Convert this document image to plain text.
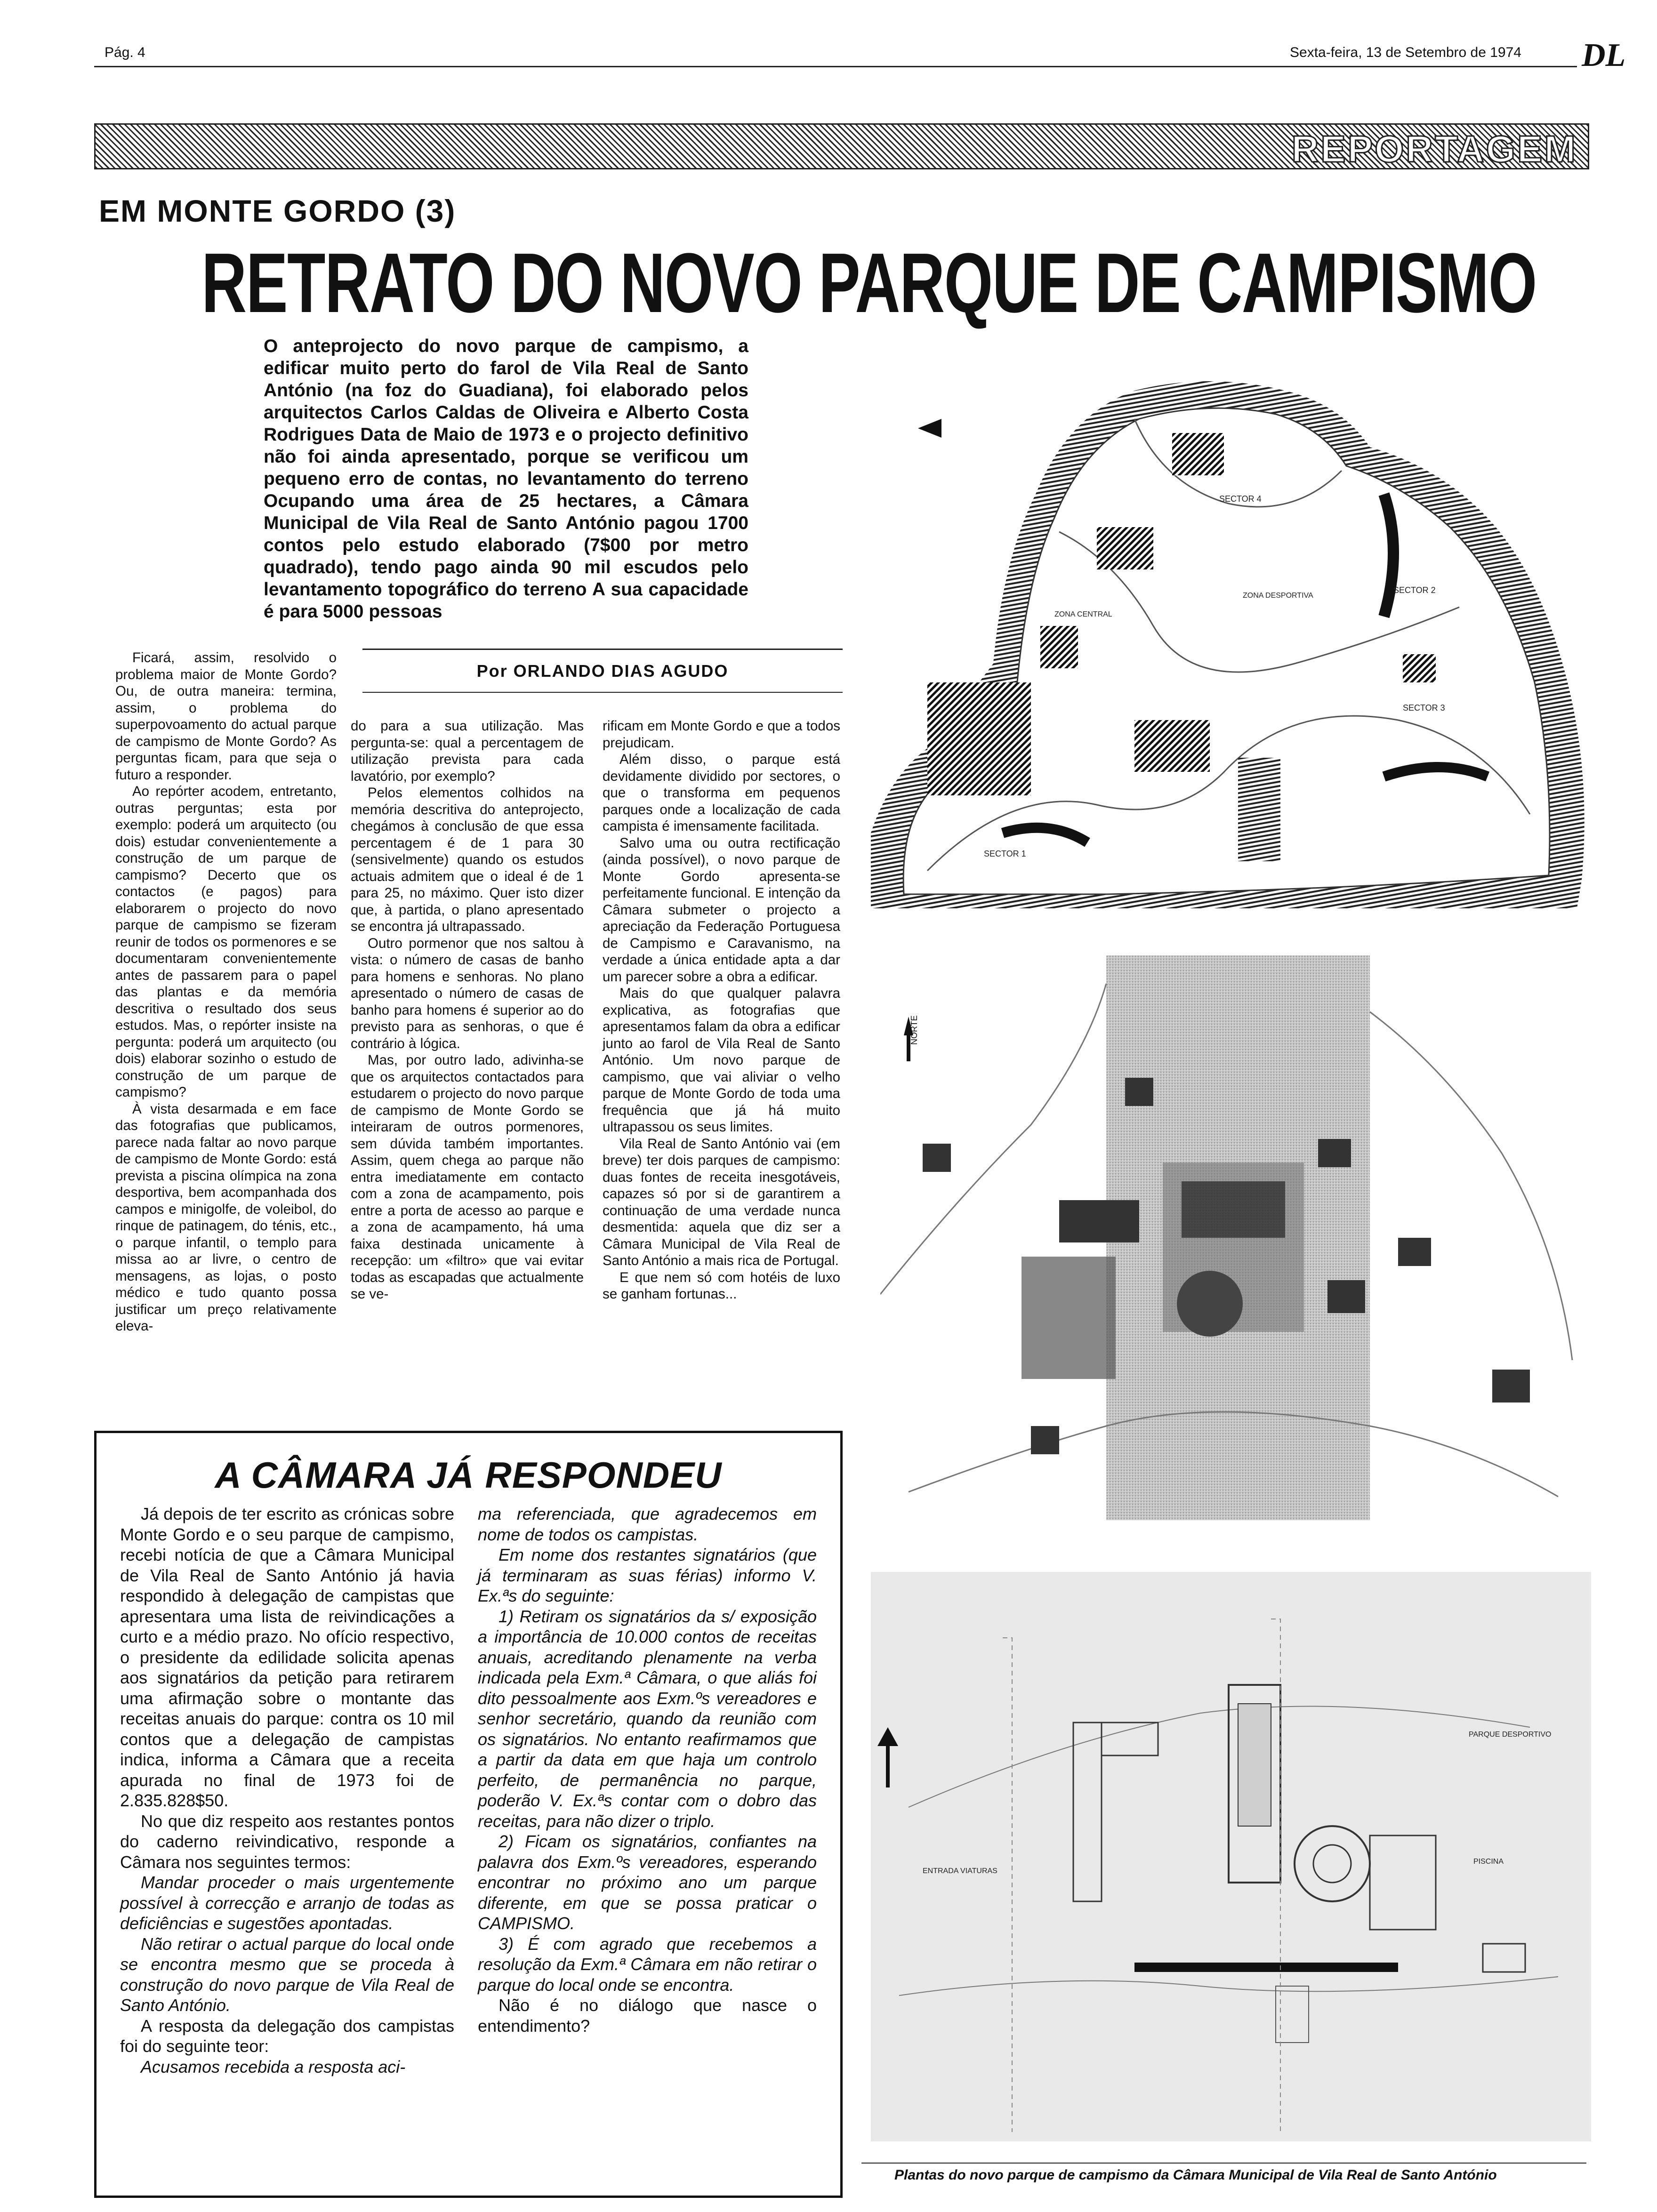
Pág. 4	Sexta-feira, 13 de Setembro de 1974 DL
REPORTAGEM
EM MONTE GORDO (3)
RETRATO DO NOVO PARQUE DE CAMPISMO
O anteprojecto do novo parque de campismo, a edificar muito perto do farol de Vila Real de Santo António (na foz do Guadiana), foi elaborado pelos arquitectos Carlos Caldas de Oliveira e Alberto Costa Rodrigues Data de Maio de 1973 e o projecto definitivo não foi ainda apresentado, porque se verificou um pequeno erro de contas, no levantamento do terreno Ocupando uma área de 25 hectares, a Câmara Municipal de Vila Real de Santo António pagou 1700 contos pelo estudo elaborado (7$00 por metro quadrado), tendo pago ainda 90 mil escudos pelo levantamento topográfico do terreno A sua capacidade é para 5000 pessoas
Por ORLANDO DIAS AGUDO

Ficará, assim, resolvido o problema maior de Monte Gordo? Ou, de outra maneira: termina, assim, o problema do superpovoamento do actual parque de campismo de Monte Gordo? As perguntas ficam, para que seja o futuro a responder.

Ao repórter acodem, entretanto, outras perguntas; esta por exemplo: poderá um arquitecto (ou dois) estudar convenientemente a construção de um parque de campismo? Decerto que os contactos (e pagos) para elaborarem o projecto do novo parque de campismo se fizeram reunir de todos os pormenores e se documentaram convenientemente antes de passarem para o papel das plantas e da memória descritiva o resultado dos seus estudos. Mas, o repórter insiste na pergunta: poderá um arquitecto (ou dois) elaborar sozinho o estudo de construção de um parque de campismo?

À vista desarmada e em face das fotografias que publicamos, parece nada faltar ao novo parque de campismo de Monte Gordo: está prevista a piscina olímpica na zona desportiva, bem acompanhada dos campos e minigolfe, de voleibol, do rinque de patinagem, do ténis, etc., o parque infantil, o templo para missa ao ar livre, o centro de mensagens, as lojas, o posto médico e tudo quanto possa justificar um preço relativamente eleva-

do para a sua utilização. Mas pergunta-se: qual a percentagem de utilização prevista para cada lavatório, por exemplo?

Pelos elementos colhidos na memória descritiva do anteprojecto, chegámos à conclusão de que essa percentagem é de 1 para 30 (sensivelmente) quando os estudos actuais admitem que o ideal é de 1 para 25, no máximo. Quer isto dizer que, à partida, o plano apresentado se encontra já ultrapassado.

Outro pormenor que nos saltou à vista: o número de casas de banho para homens e senhoras. No plano apresentado o número de casas de banho para homens é superior ao do previsto para as senhoras, o que é contrário à lógica.

Mas, por outro lado, adivinha-se que os arquitectos contactados para estudarem o projecto do novo parque de campismo de Monte Gordo se inteiraram de outros pormenores, sem dúvida também importantes. Assim, quem chega ao parque não entra imediatamente em contacto com a zona de acampamento, pois entre a porta de acesso ao parque e a zona de acampamento, há uma faixa destinada unicamente à recepção: um «filtro» que vai evitar todas as escapadas que actualmente se ve-

rificam em Monte Gordo e que a todos prejudicam.

Além disso, o parque está devidamente dividido por sectores, o que o transforma em pequenos parques onde a localização de cada campista é imensamente facilitada.

Salvo uma ou outra rectificação (ainda possível), o novo parque de Monte Gordo apresenta-se perfeitamente funcional. E intenção da Câmara submeter o projecto a apreciação da Federação Portuguesa de Campismo e Caravanismo, na verdade a única entidade apta a dar um parecer sobre a obra a edificar.

Mais do que qualquer palavra explicativa, as fotografias que apresentamos falam da obra a edificar junto ao farol de Vila Real de Santo António. Um novo parque de campismo, que vai aliviar o velho parque de Monte Gordo de toda uma frequência que já há muito ultrapassou os seus limites.

Vila Real de Santo António vai (em breve) ter dois parques de campismo: duas fontes de receita inesgotáveis, capazes só por si de garantirem a continuação de uma verdade nunca desmentida: aquela que diz ser a Câmara Municipal de Vila Real de Santo António a mais rica de Portugal.

E que nem só com hotéis de luxo se ganham fortunas...

A CÂMARA JÁ RESPONDEU

Já depois de ter escrito as crónicas sobre Monte Gordo e o seu parque de campismo, recebi notícia de que a Câmara Municipal de Vila Real de Santo António já havia respondido à delegação de campistas que apresentara uma lista de reivindicações a curto e a médio prazo. No ofício respectivo, o presidente da edilidade solicita apenas aos signatários da petição para retirarem uma afirmação sobre o montante das receitas anuais do parque: contra os 10 mil contos que a delegação de campistas indica, informa a Câmara que a receita apurada no final de 1973 foi de 2.835.828$50.

No que diz respeito aos restantes pontos do caderno reivindicativo, responde a Câmara nos seguintes termos:

Mandar proceder o mais urgentemente possível à correcção e arranjo de todas as deficiências e sugestões apontadas.

Não retirar o actual parque do local onde se encontra mesmo que se proceda à construção do novo parque de Vila Real de Santo António.

A resposta da delegação dos campistas foi do seguinte teor:

Acusamos recebida a resposta aci-

ma referenciada, que agradecemos em nome de todos os campistas.

Em nome dos restantes signatários (que já terminaram as suas férias) informo V. Ex.ªs do seguinte:

1) Retiram os signatários da s/ exposição a importância de 10.000 contos de receitas anuais, acreditando plenamente na verba indicada pela Exm.ª Câmara, o que aliás foi dito pessoalmente aos Exm.ºs vereadores e senhor secretário, quando da reunião com os signatários. No entanto reafirmamos que a partir da data em que haja um controlo perfeito, de permanência no parque, poderão V. Ex.ªs contar com o dobro das receitas, para não dizer o triplo.

2) Ficam os signatários, confiantes na palavra dos Exm.ºs vereadores, esperando encontrar no próximo ano um parque diferente, em que se possa praticar o CAMPISMO.

3) É com agrado que recebemos a resolução da Exm.ª Câmara em não retirar o parque do local onde se encontra.

Não é no diálogo que nasce o entendimento?

SECTOR 4
SECTOR 1
SECTOR 2
SECTOR 3
ZONA DESPORTIVA
ZONA CENTRAL
NORTE
ENTRADA VIATURAS
PARQUE DESPORTIVO
PISCINA
Plantas do novo parque de campismo da Câmara Municipal de Vila Real de Santo António
